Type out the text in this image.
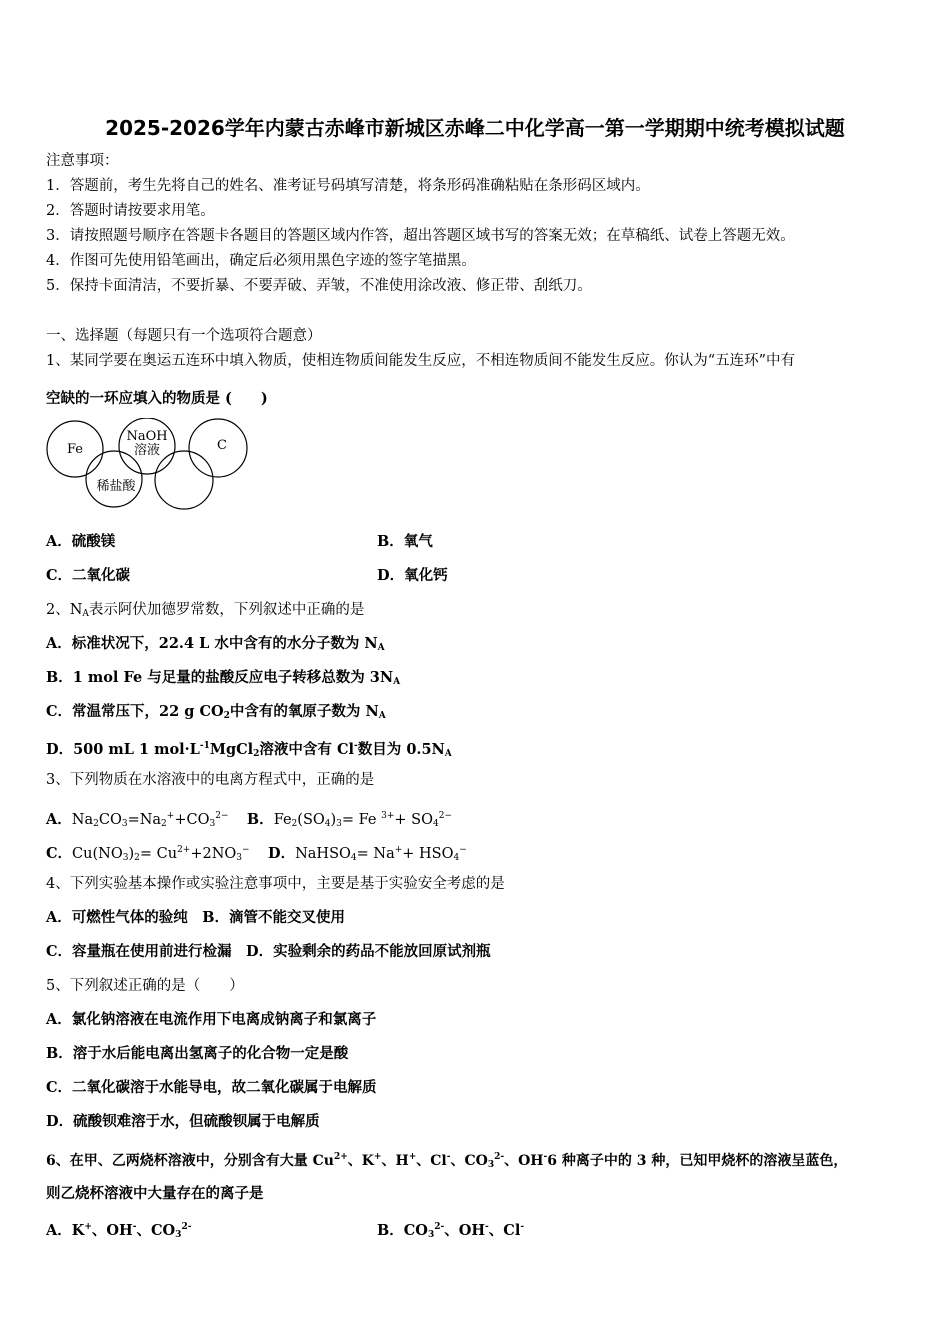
2025-2026学年内蒙古赤峰市新城区赤峰二中化学高一第一学期期中统考模拟试题
注意事项：
1．答题前，考生先将自己的姓名、准考证号码填写清楚，将条形码准确粘贴在条形码区域内。
2．答题时请按要求用笔。
3．请按照题号顺序在答题卡各题目的答题区域内作答，超出答题区域书写的答案无效；在草稿纸、试卷上答题无效。
4．作图可先使用铅笔画出，确定后必须用黑色字迹的签字笔描黑。
5．保持卡面清洁，不要折暴、不要弄破、弄皱，不准使用涂改液、修正带、刮纸刀。
一、选择题（每题只有一个选项符合题意）
1、某同学要在奥运五连环中填入物质，使相连物质间能发生反应，不相连物质间不能发生反应。你认为“五连环”中有
空缺的一环应填入的物质是 (　　)
Fe
NaOH
溶液	C
稀盐酸
A．硫酸镁	B．氧气
C．二氧化碳	D．氧化钙
2、$N_A$表示阿伏加德罗常数，下列叙述中正确的是
A．标准状况下，22.4 L 水中含有的水分子数为 $N_A$
B．1 mol Fe 与足量的盐酸反应电子转移总数为 $3N_A$
C．常温常压下，22 g $CO_2$中含有的氧原子数为 $N_A$
D．500 mL 1 $mol\cdot L^{-1}MgCl_2$溶液中含有 Cl-数目为 $0.5N_A$
3、下列物质在水溶液中的电离方程式中，正确的是
A．$Na_2CO_3=Na_2^++CO_3^{2-}$ B．$Fe_2(SO_4)_3= Fe$ $^{3+}+ SO_4^{2-}$
C．$Cu(NO_3)_2= Cu^{2+}+2NO_3^-$ D．NaHSO$_4$= $Na^++ HSO_4^-$
4、下列实验基本操作或实验注意事项中，主要是基于实验安全考虑的是
A．可燃性气体的验纯　B．滴管不能交叉使用
C．容量瓶在使用前进行检漏　D．实验剩余的药品不能放回原试剂瓶
5、下列叙述正确的是（　　）
A．氯化钠溶液在电流作用下电离成钠离子和氯离子
B．溶于水后能电离出氢离子的化合物一定是酸
C．二氧化碳溶于水能导电，故二氧化碳属于电解质
D．硫酸钡难溶于水，但硫酸钡属于电解质
6、在甲、乙两烧杯溶液中，分别含有大量 $Cu^{2+}$、K+、H+、Cl-、$CO_3^{2-}$、OH-6 种离子中的 3 种，已知甲烧杯的溶液呈蓝色，
则乙烧杯溶液中大量存在的离子是
A．K+、OH-、$CO_3^{2-}$	B．$CO_3^{2-}$、OH-、Cl-
